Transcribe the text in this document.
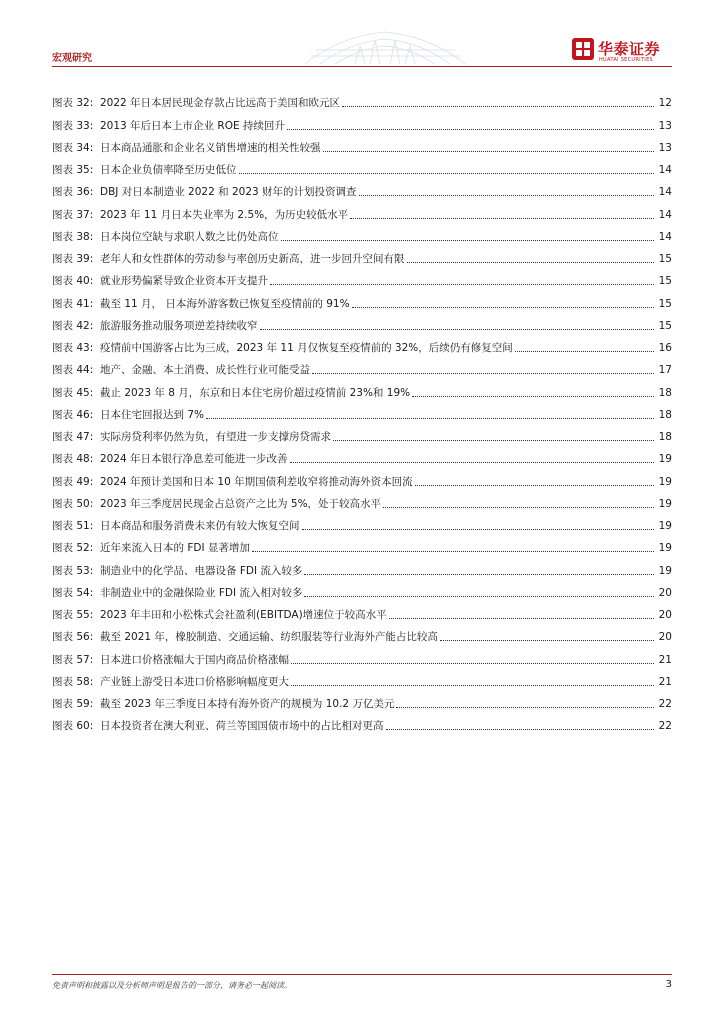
宏观研究
华泰证券
HUATAI SECURITIES
图表 32: 2022 年日本居民现金存款占比远高于美国和欧元区	12
图表 33: 2013 年后日本上市企业 ROE 持续回升	13
图表 34: 日本商品通胀和企业名义销售增速的相关性较强	13
图表 35: 日本企业负债率降至历史低位	14
图表 36: DBJ 对日本制造业 2022 和 2023 财年的计划投资调查	14
图表 37: 2023 年 11 月日本失业率为 2.5%，为历史较低水平	14
图表 38: 日本岗位空缺与求职人数之比仍处高位	14
图表 39: 老年人和女性群体的劳动参与率创历史新高，进一步回升空间有限	15
图表 40: 就业形势偏紧导致企业资本开支提升	15
图表 41: 截至 11 月， 日本海外游客数已恢复至疫情前的 91%	15
图表 42: 旅游服务推动服务项逆差持续收窄	15
图表 43: 疫情前中国游客占比为三成，2023 年 11 月仅恢复至疫情前的 32%，后续仍有修复空间	16
图表 44: 地产、金融、本土消费、成长性行业可能受益	17
图表 45: 截止 2023 年 8 月，东京和日本住宅房价超过疫情前 23%和 19%	18
图表 46: 日本住宅回报达到 7%	18
图表 47: 实际房贷利率仍然为负，有望进一步支撑房贷需求	18
图表 48: 2024 年日本银行净息差可能进一步改善	19
图表 49: 2024 年预计美国和日本 10 年期国债利差收窄将推动海外资本回流	19
图表 50: 2023 年三季度居民现金占总资产之比为 5%，处于较高水平	19
图表 51: 日本商品和服务消费未来仍有较大恢复空间	19
图表 52: 近年来流入日本的 FDI 显著增加	19
图表 53: 制造业中的化学品、电器设备 FDI 流入较多	19
图表 54: 非制造业中的金融保险业 FDI 流入相对较多	20
图表 55: 2023 年丰田和小松株式会社盈利(EBITDA)增速位于较高水平	20
图表 56: 截至 2021 年，橡胶制造、交通运输、纺织服装等行业海外产能占比较高	20
图表 57: 日本进口价格涨幅大于国内商品价格涨幅	21
图表 58: 产业链上游受日本进口价格影响幅度更大	21
图表 59: 截至 2023 年三季度日本持有海外资产的规模为 10.2 万亿美元	22
图表 60: 日本投资者在澳大利亚、荷兰等国国债市场中的占比相对更高	22
免责声明和披露以及分析师声明是报告的一部分，请务必一起阅读。	3
